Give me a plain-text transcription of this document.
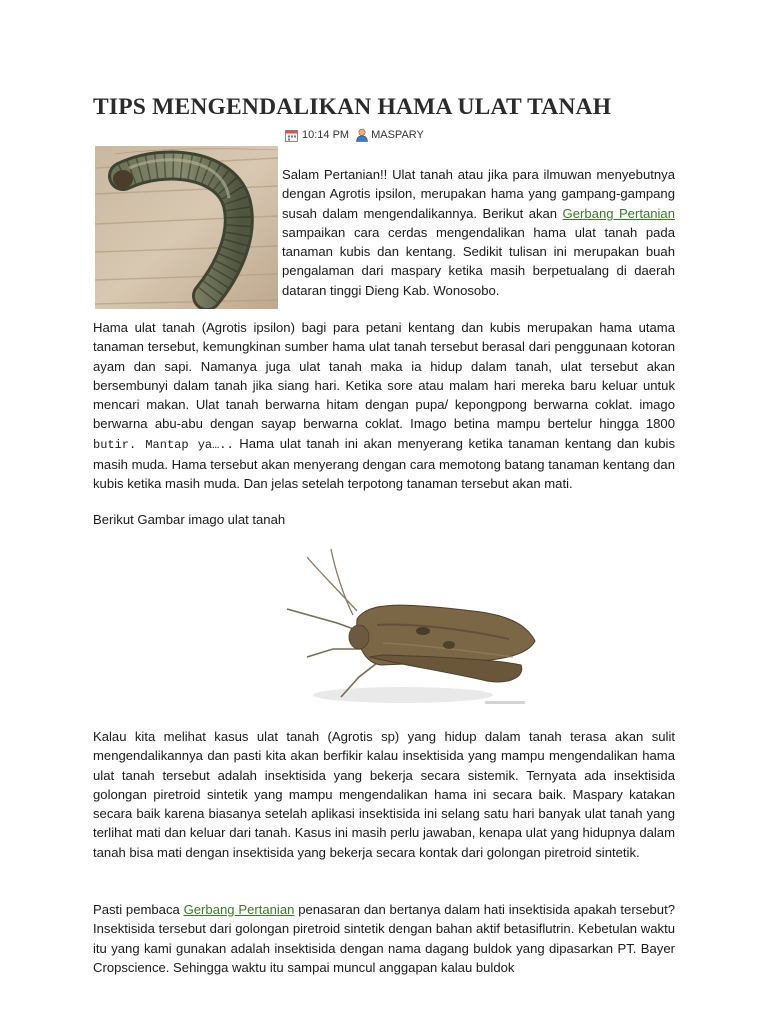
TIPS MENGENDALIKAN HAMA ULAT TANAH
10:14 PM MASPARY

Salam Pertanian!! Ulat tanah atau jika para ilmuwan menyebutnya dengan Agrotis ipsilon, merupakan hama yang gampang-gampang susah dalam mengendalikannya. Berikut akan Gerbang Pertanian sampaikan cara cerdas mengendalikan hama ulat tanah pada tanaman kubis dan kentang. Sedikit tulisan ini merupakan buah pengalaman dari maspary ketika masih berpetualang di daerah dataran tinggi Dieng Kab. Wonosobo.

Hama ulat tanah (Agrotis ipsilon) bagi para petani kentang dan kubis merupakan hama utama tanaman tersebut, kemungkinan sumber hama ulat tanah tersebut berasal dari penggunaan kotoran ayam dan sapi. Namanya juga ulat tanah maka ia hidup dalam tanah, ulat tersebut akan bersembunyi dalam tanah jika siang hari. Ketika sore atau malam hari mereka baru keluar untuk mencari makan. Ulat tanah berwarna hitam dengan pupa/ kepongpong berwarna coklat. imago berwarna abu-abu dengan sayap berwarna coklat. Imago betina mampu bertelur hingga 1800 butir. Mantap ya….. Hama ulat tanah ini akan menyerang ketika tanaman kentang dan kubis masih muda. Hama tersebut akan menyerang dengan cara memotong batang tanaman kentang dan kubis ketika masih muda. Dan jelas setelah terpotong tanaman tersebut akan mati.

Berikut Gambar imago ulat tanah

Kalau kita melihat kasus ulat tanah (Agrotis sp) yang hidup dalam tanah terasa akan sulit mengendalikannya dan pasti kita akan berfikir kalau insektisida yang mampu mengendalikan hama ulat tanah tersebut adalah insektisida yang bekerja secara sistemik. Ternyata ada insektisida golongan piretroid sintetik yang mampu mengendalikan hama ini secara baik. Maspary katakan secara baik karena biasanya setelah aplikasi insektisida ini selang satu hari banyak ulat tanah yang terlihat mati dan keluar dari tanah. Kasus ini masih perlu jawaban, kenapa ulat yang hidupnya dalam tanah bisa mati dengan insektisida yang bekerja secara kontak dari golongan piretroid sintetik.

Pasti pembaca Gerbang Pertanian penasaran dan bertanya dalam hati insektisida apakah tersebut? Insektisida tersebut dari golongan piretroid sintetik dengan bahan aktif betasiflutrin. Kebetulan waktu itu yang kami gunakan adalah insektisida dengan nama dagang buldok yang dipasarkan PT. Bayer Cropscience. Sehingga waktu itu sampai muncul anggapan kalau buldok
